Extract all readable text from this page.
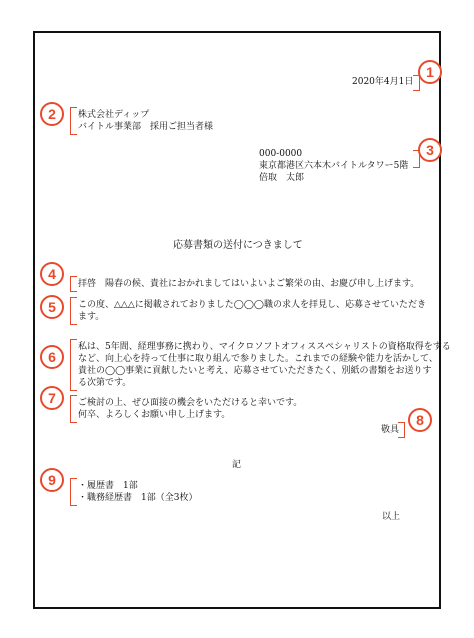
2020年4月1日
株式会社ディップ
バイトル事業部　採用ご担当者様
000-0000
東京都港区六本木バイトルタワー5階
倍取　太郎
応募書類の送付につきまして
拝啓　陽春の候、貴社におかれましてはいよいよご繁栄の由、お慶び申し上げます。
この度、△△△に掲載されておりました◯◯◯職の求人を拝見し、応募させていただき
ます。
私は、5年間、経理事務に携わり、マイクロソフトオフィススペシャリストの資格取得をする
など、向上心を持って仕事に取り組んで参りました。これまでの経験や能力を活かして、
貴社の◯◯事業に貢献したいと考え、応募させていただきたく、別紙の書類をお送りす
る次第です。
ご検討の上、ぜひ面接の機会をいただけると幸いです。
何卒、よろしくお願い申し上げます。
敬具
記
・履歴書　1部
・職務経歴書　1部（全3枚）
以上
1
2
3
4
5
6
7
8
9
